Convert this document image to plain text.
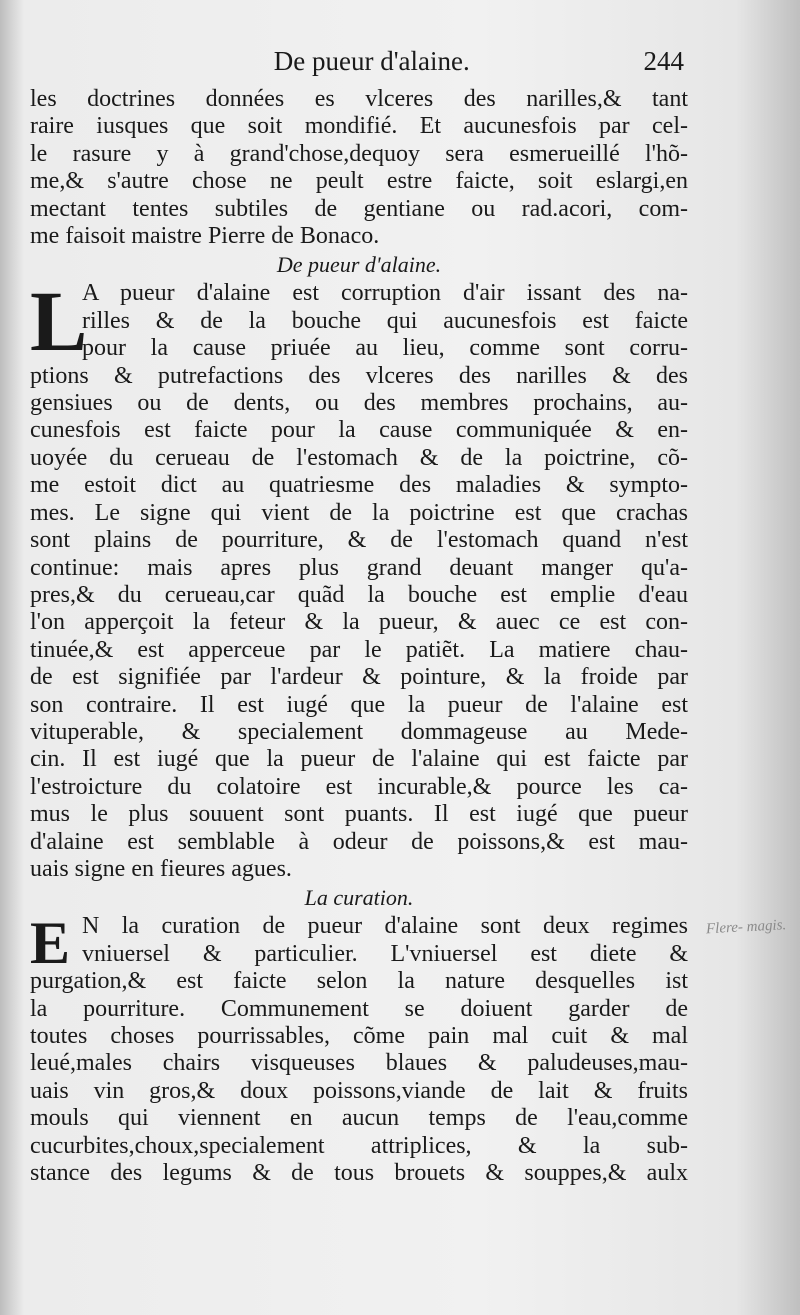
De pueur d'alaine.	244
les doctrines données es vlceres des narilles,& tant
raire iusques que soit mondifié. Et aucunesfois par cel-
le rasure y à grand'chose,dequoy sera esmerueillé l'hõ-
me,& s'autre chose ne peult estre faicte, soit eslargi,en
mectant tentes subtiles de gentiane ou rad.acori, com-
me faisoit maistre Pierre de Bonaco.
De pueur d'alaine.
L
A pueur d'alaine est corruption d'air issant des na-
rilles & de la bouche qui aucunesfois est faicte
pour la cause priuée au lieu, comme sont corru-
ptions & putrefactions des vlceres des narilles & des
gensiues ou de dents, ou des membres prochains, au-
cunesfois est faicte pour la cause communiquée & en-
uoyée du cerueau de l'estomach & de la poictrine, cõ-
me estoit dict au quatriesme des maladies & sympto-
mes. Le signe qui vient de la poictrine est que crachas
sont plains de pourriture, & de l'estomach quand n'est
continue: mais apres plus grand deuant manger qu'a-
pres,& du cerueau,car quãd la bouche est emplie d'eau
l'on apperçoit la feteur & la pueur, & auec ce est con-
tinuée,& est apperceue par le patiẽt. La matiere chau-
de est signifiée par l'ardeur & pointure, & la froide par
son contraire. Il est iugé que la pueur de l'alaine est
vituperable, & specialement dommageuse au Mede-
cin. Il est iugé que la pueur de l'alaine qui est faicte par
l'estroicture du colatoire est incurable,& pource les ca-
mus le plus souuent sont puants. Il est iugé que pueur
d'alaine est semblable à odeur de poissons,& est mau-
uais signe en fieures agues.
La curation.
E N la curation de pueur d'alaine sont deux regimes
vniuersel & particulier. L'vniuersel est diete &
purgation,& est faicte selon la nature desquelles ist
la pourriture. Communement se doiuent garder de
toutes choses pourrissables, cõme pain mal cuit & mal
leué,males chairs visqueuses blaues & paludeuses,mau-
uais vin gros,& doux poissons,viande de lait & fruits
mouls qui viennent en aucun temps de l'eau,comme
cucurbites,choux,specialement attriplices, & la sub-
stance des legums & de tous brouets & souppes,& aulx
Flere- magis.
